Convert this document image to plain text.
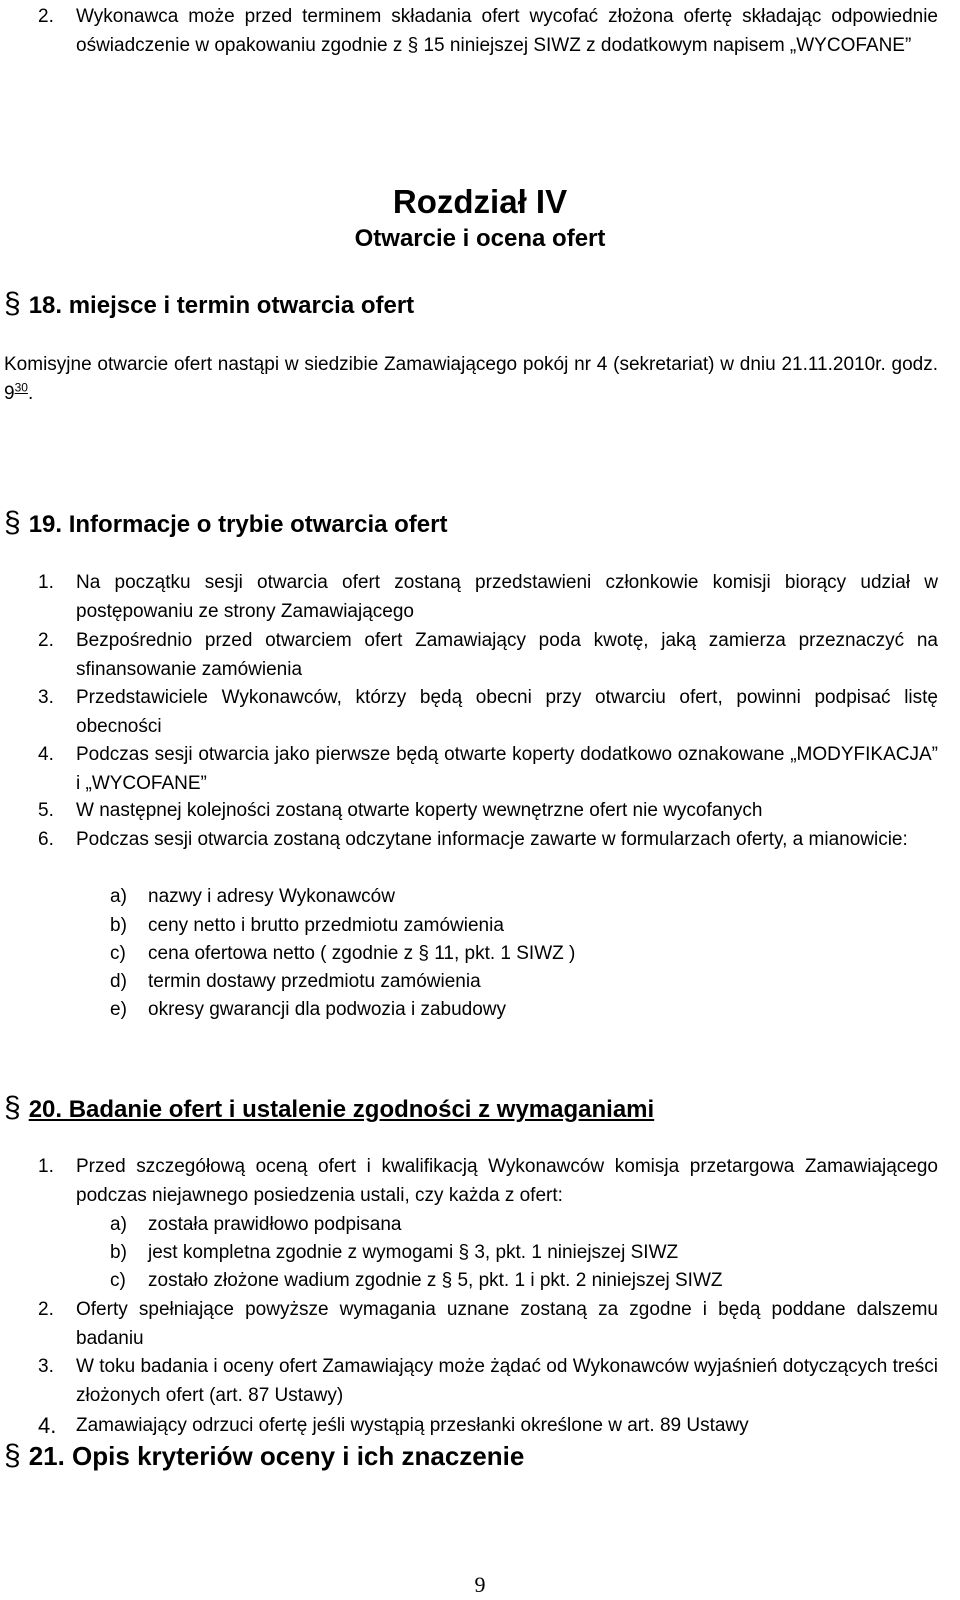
2.	Wykonawca może przed terminem składania ofert wycofać złożona ofertę składając odpowiednie oświadczenie w opakowaniu zgodnie z § 15 niniejszej SIWZ z dodatkowym napisem „WYCOFANE”
Rozdział IV
Otwarcie i ocena ofert
§ 18. miejsce i termin otwarcia ofert
Komisyjne otwarcie ofert nastąpi w siedzibie Zamawiającego pokój nr 4 (sekretariat) w dniu 21.11.2010r. godz. $9^{30}$.
§ 19. Informacje o trybie otwarcia ofert
1.	Na początku sesji otwarcia ofert zostaną przedstawieni członkowie komisji biorący udział w postępowaniu ze strony Zamawiającego
2.	Bezpośrednio przed otwarciem ofert Zamawiający poda kwotę, jaką zamierza przeznaczyć na sfinansowanie zamówienia
3.	Przedstawiciele Wykonawców, którzy będą obecni przy otwarciu ofert, powinni podpisać listę obecności
4.	Podczas sesji otwarcia jako pierwsze będą otwarte koperty dodatkowo oznakowane „MODYFIKACJA” i „WYCOFANE”
5.	W następnej kolejności zostaną otwarte koperty wewnętrzne ofert nie wycofanych
6.	Podczas sesji otwarcia zostaną odczytane informacje zawarte w formularzach oferty, a mianowicie:
a)	nazwy i adresy Wykonawców
b)	ceny netto i brutto przedmiotu zamówienia
c)	cena ofertowa netto ( zgodnie z § 11, pkt. 1 SIWZ )
d)	termin dostawy przedmiotu zamówienia
e)	okresy gwarancji dla podwozia i zabudowy
§ 20. Badanie ofert i ustalenie zgodności z wymaganiami
1.	Przed szczegółową oceną ofert i kwalifikacją Wykonawców komisja przetargowa Zamawiającego podczas niejawnego posiedzenia ustali, czy każda z ofert:
a)	została prawidłowo podpisana
b)	jest kompletna zgodnie z wymogami § 3, pkt. 1 niniejszej SIWZ
c)	zostało złożone wadium zgodnie z § 5, pkt. 1 i pkt. 2 niniejszej SIWZ
2.	Oferty spełniające powyższe wymagania uznane zostaną za zgodne i będą poddane dalszemu badaniu
3.	W toku badania i oceny ofert Zamawiający może żądać od Wykonawców wyjaśnień dotyczących treści złożonych ofert (art. 87 Ustawy)
4.	Zamawiający odrzuci ofertę jeśli wystąpią przesłanki określone w art. 89 Ustawy
§ 21. Opis kryteriów oceny i ich znaczenie
9
